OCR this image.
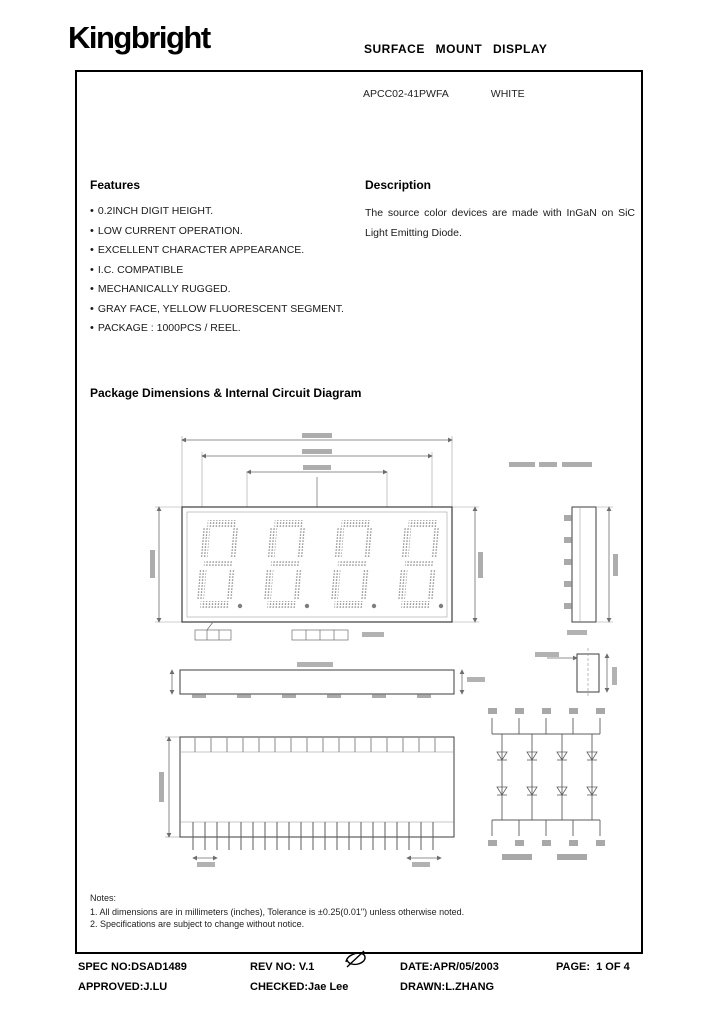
Kingbright	SURFACE MOUNT DISPLAY
APCC02-41PWFA	WHITE
Features
• 0.2INCH DIGIT HEIGHT.
• LOW CURRENT OPERATION.
• EXCELLENT CHARACTER APPEARANCE.
• I.C. COMPATIBLE
• MECHANICALLY RUGGED.
• GRAY FACE, YELLOW FLUORESCENT SEGMENT.
• PACKAGE : 1000PCS / REEL.
Description

The source color devices are made with InGaN on SiC Light Emitting Diode.

Package Dimensions & Internal Circuit Diagram
Notes:
1. All dimensions are in millimeters (inches), Tolerance is ±0.25(0.01") unless otherwise noted.
2. Specifications are subject to change without notice.
SPEC NO:DSAD1489	REV NO: V.1	DATE:APR/05/2003	PAGE:  1 OF 4
APPROVED:J.LU	CHECKED:Jae Lee	DRAWN:L.ZHANG
